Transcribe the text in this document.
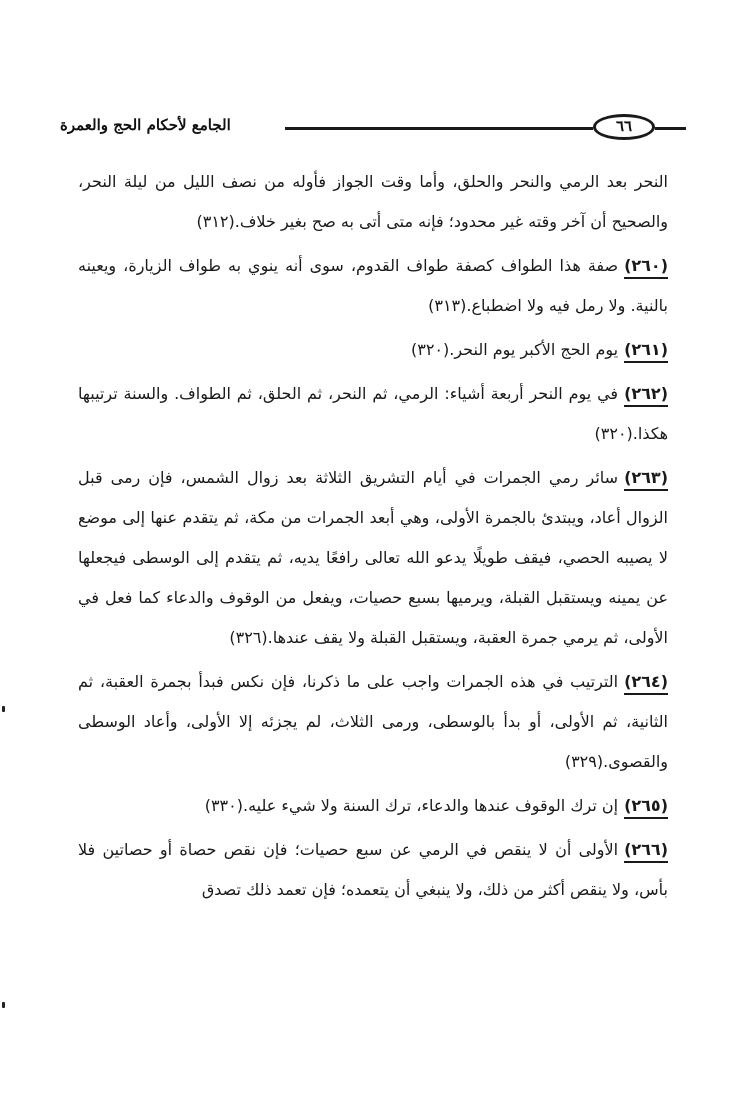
الجامع لأحكام الحج والعمرة	٦٦

النحر بعد الرمي والنحر والحلق، وأما وقت الجواز فأوله من نصف الليل من ليلة النحر، والصحيح أن آخر وقته غير محدود؛ فإنه متى أتى به صح بغير خلاف.(٣١٢)

(٢٦٠)صفة هذا الطواف كصفة طواف القدوم، سوى أنه ينوي به طواف الزيارة، ويعينه بالنية. ولا رمل فيه ولا اضطباع.(٣١٣)

(٢٦١)يوم الحج الأكبر يوم النحر.(٣٢٠)

(٢٦٢)في يوم النحر أربعة أشياء: الرمي، ثم النحر، ثم الحلق، ثم الطواف. والسنة ترتيبها هكذا.(٣٢٠)

(٢٦٣)سائر رمي الجمرات في أيام التشريق الثلاثة بعد زوال الشمس، فإن رمى قبل الزوال أعاد، ويبتدئ بالجمرة الأولى، وهي أبعد الجمرات من مكة، ثم يتقدم عنها إلى موضع لا يصيبه الحصي، فيقف طويلًا يدعو الله تعالى رافعًا يديه، ثم يتقدم إلى الوسطى فيجعلها عن يمينه ويستقبل القبلة، ويرميها بسبع حصيات، ويفعل من الوقوف والدعاء كما فعل في الأولى، ثم يرمي جمرة العقبة، ويستقبل القبلة ولا يقف عندها.(٣٢٦)

(٢٦٤)الترتيب في هذه الجمرات واجب على ما ذكرنا، فإن نكس فبدأ بجمرة العقبة، ثم الثانية، ثم الأولى، أو بدأ بالوسطى، ورمى الثلاث، لم يجزئه إلا الأولى، وأعاد الوسطى والقصوى.(٣٢٩)

(٢٦٥)إن ترك الوقوف عندها والدعاء، ترك السنة ولا شيء عليه.(٣٣٠)

(٢٦٦)الأولى أن لا ينقص في الرمي عن سبع حصيات؛ فإن نقص حصاة أو حصاتين فلا بأس، ولا ينقص أكثر من ذلك، ولا ينبغي أن يتعمده؛ فإن تعمد ذلك تصدق
